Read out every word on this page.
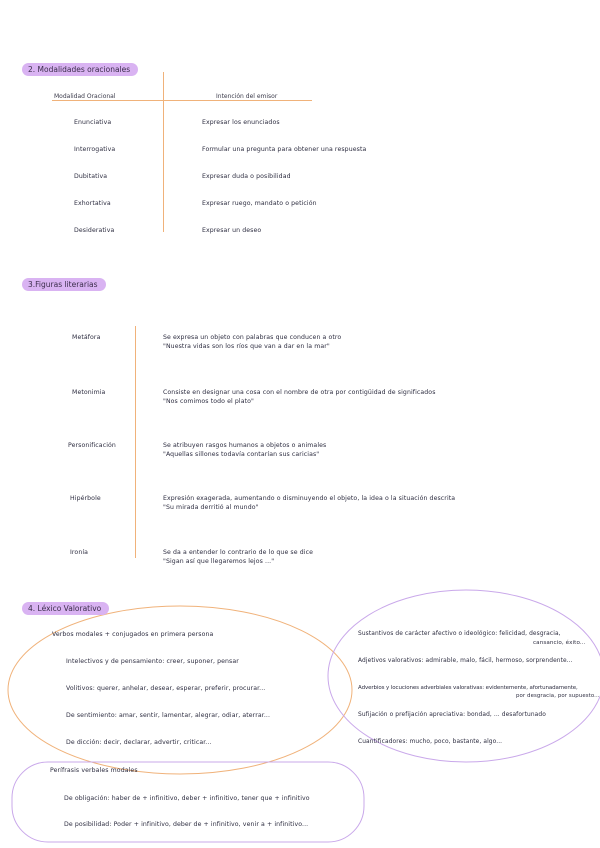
2. Modalidades oracionales
Modalidad Oracional	Intención del emisor
Enunciativa	Expresar los enunciados
Interrogativa	Formular una pregunta para obtener una respuesta
Dubitativa	Expresar duda o posibilidad
Exhortativa	Expresar ruego, mandato o petición
Desiderativa	Expresar un deseo
3.Figuras literarias
Metáfora	Se expresa un objeto con palabras que conducen a otro
"Nuestra vidas son los ríos que van a dar en la mar"
Metonimia	Consiste en designar una cosa con el nombre de otra por contigüidad de significados
"Nos comimos todo el plato"
Personificación	Se atribuyen rasgos humanos a objetos o animales
"Aquellas sillones todavía contarían sus caricias"
Hipérbole	Expresión exagerada, aumentando o disminuyendo el objeto, la idea o la situación descrita
"Su mirada derritió al mundo"
Ironía	Se da a entender lo contrario de lo que se dice
"Sigan así que llegaremos lejos ..."
4. Léxico Valorativo
Verbos modales + conjugados en primera persona
Intelectivos y de pensamiento: creer, suponer, pensar
Volitivos: querer, anhelar, desear, esperar, preferir, procurar...
De sentimiento: amar, sentir, lamentar, alegrar, odiar, aterrar...
De dicción: decir, declarar, advertir, criticar...
Sustantivos de carácter afectivo o ideológico: felicidad, desgracia,
cansancio, éxito...
Adjetivos valorativos: admirable, malo, fácil, hermoso, sorprendente...
Adverbios y locuciones adverbiales valorativas: evidentemente, afortunadamente,
por desgracia, por supuesto...
Sufijación o prefijación apreciativa: bondad, ... desafortunado
Cuantificadores: mucho, poco, bastante, algo...
Perífrasis verbales modales
De obligación: haber de + infinitivo, deber + infinitivo, tener que + infinitivo
De posibilidad: Poder + infinitivo, deber de + infinitivo, venir a + infinitivo...
